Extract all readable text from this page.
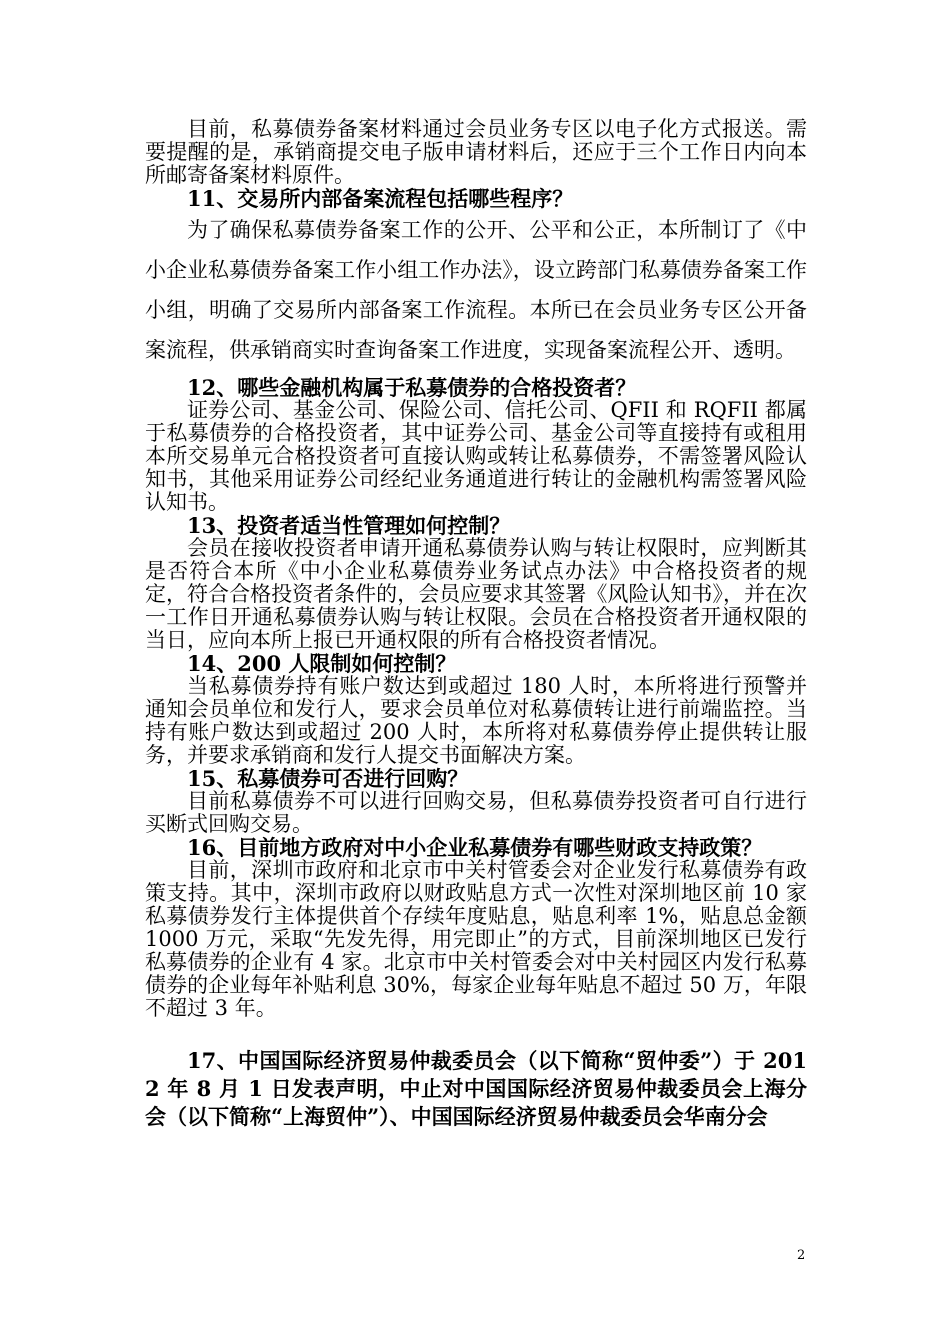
目前，私募债券备案材料通过会员业务专区以电子化方式报送。需要提醒的是，承销商提交电子版申请材料后，还应于三个工作日内向本所邮寄备案材料原件。

11、交易所内部备案流程包括哪些程序？

为了确保私募债券备案工作的公开、公平和公正，本所制订了《中小企业私募债券备案工作小组工作办法》，设立跨部门私募债券备案工作小组，明确了交易所内部备案工作流程。本所已在会员业务专区公开备案流程，供承销商实时查询备案工作进度，实现备案流程公开、透明。

12、哪些金融机构属于私募债券的合格投资者？

证券公司、基金公司、保险公司、信托公司、QFII 和 RQFII 都属于私募债券的合格投资者，其中证券公司、基金公司等直接持有或租用本所交易单元合格投资者可直接认购或转让私募债券，不需签署风险认知书，其他采用证券公司经纪业务通道进行转让的金融机构需签署风险认知书。

13、投资者适当性管理如何控制？

会员在接收投资者申请开通私募债券认购与转让权限时，应判断其是否符合本所《中小企业私募债券业务试点办法》中合格投资者的规定，符合合格投资者条件的，会员应要求其签署《风险认知书》，并在次一工作日开通私募债券认购与转让权限。会员在合格投资者开通权限的当日，应向本所上报已开通权限的所有合格投资者情况。

14、200 人限制如何控制？

当私募债券持有账户数达到或超过 180 人时，本所将进行预警并通知会员单位和发行人，要求会员单位对私募债转让进行前端监控。当持有账户数达到或超过 200 人时，本所将对私募债券停止提供转让服务，并要求承销商和发行人提交书面解决方案。

15、私募债券可否进行回购？

目前私募债券不可以进行回购交易，但私募债券投资者可自行进行买断式回购交易。

16、目前地方政府对中小企业私募债券有哪些财政支持政策？

目前，深圳市政府和北京市中关村管委会对企业发行私募债券有政策支持。其中，深圳市政府以财政贴息方式一次性对深圳地区前 10 家私募债券发行主体提供首个存续年度贴息，贴息利率 1%，贴息总金额 1000 万元，采取“先发先得，用完即止”的方式，目前深圳地区已发行私募债券的企业有 4 家。北京市中关村管委会对中关村园区内发行私募债券的企业每年补贴利息 30%，每家企业每年贴息不超过 50 万，年限不超过 3 年。

17、中国国际经济贸易仲裁委员会（以下简称“贸仲委”）于 2012 年 8 月 1 日发表声明，中止对中国国际经济贸易仲裁委员会上海分会（以下简称“上海贸仲”）、中国国际经济贸易仲裁委员会华南分会

2
